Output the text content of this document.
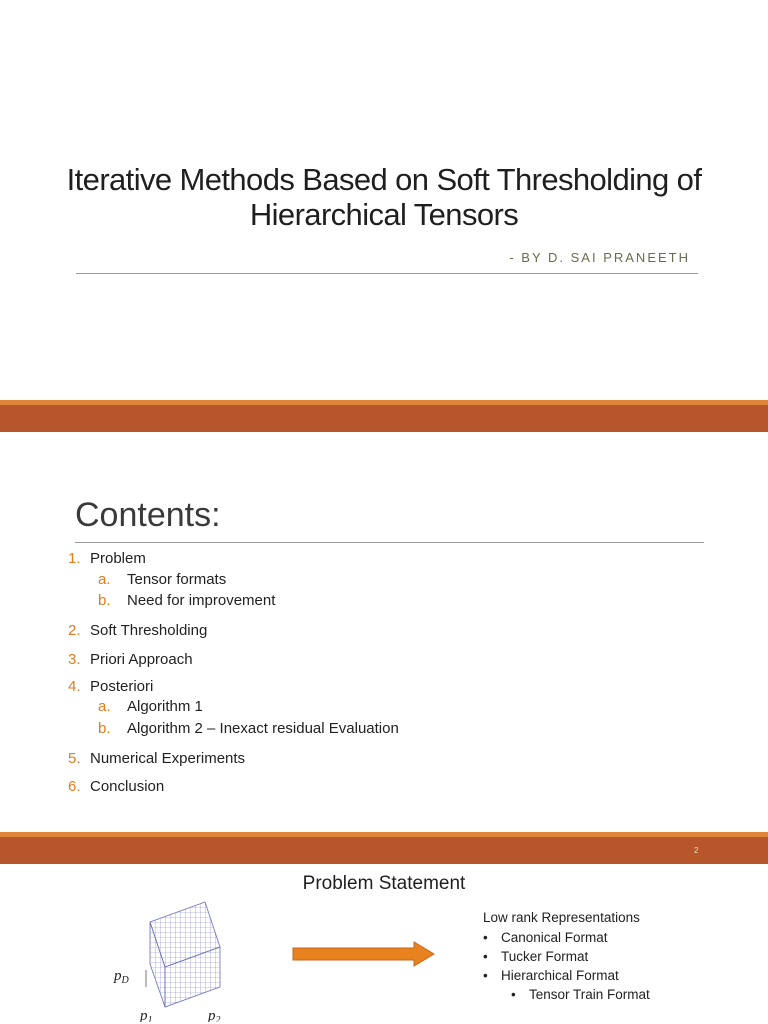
Iterative Methods Based on Soft Thresholding of Hierarchical Tensors
- BY D. SAI PRANEETH
Contents:
1. Problem
a. Tensor formats
b. Need for improvement
2. Soft Thresholding
3. Priori Approach
4. Posteriori
a. Algorithm 1
b. Algorithm 2 – Inexact residual Evaluation
5. Numerical Experiments
6. Conclusion
2
Problem Statement
$p_D$
$p_1$	$p_2$
Low rank Representations
• Canonical Format
• Tucker Format
• Hierarchical Format
• Tensor Train Format
